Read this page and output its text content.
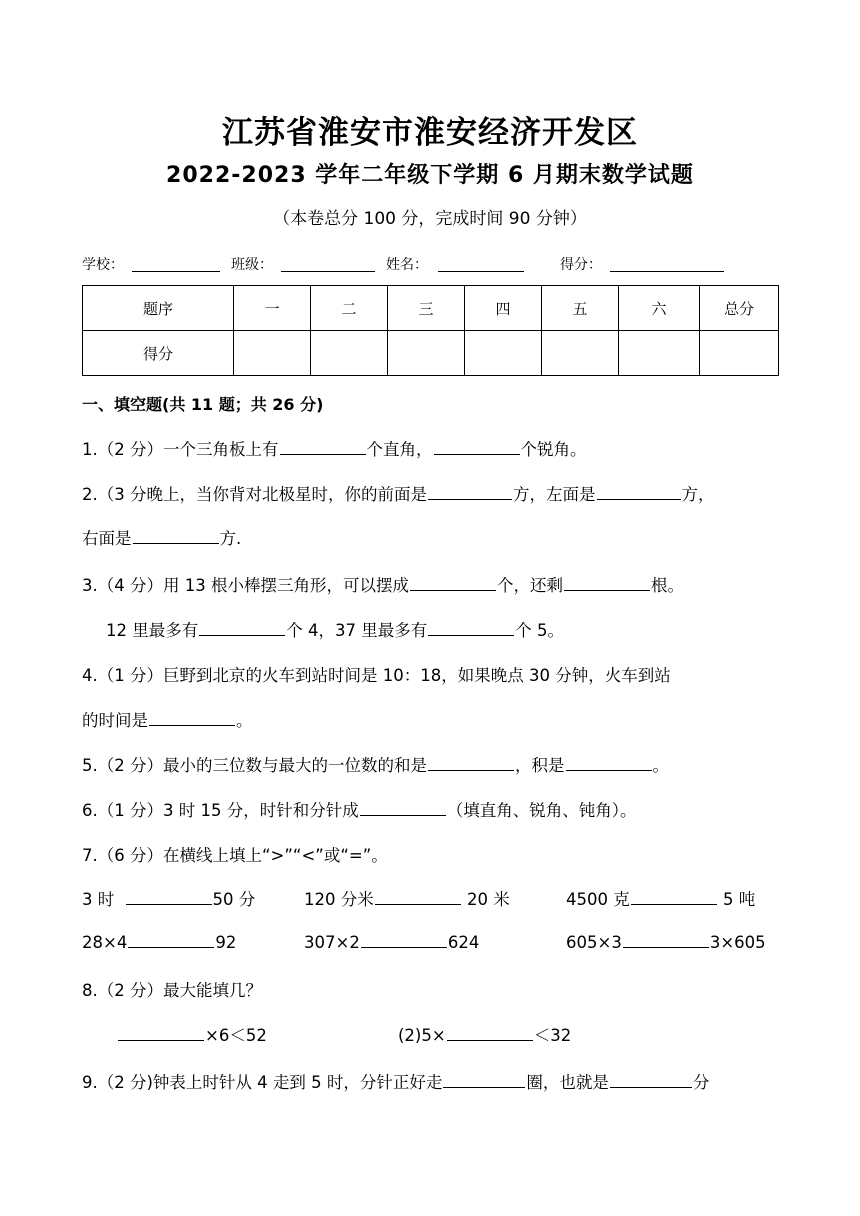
江苏省淮安市淮安经济开发区
2022-2023 学年二年级下学期 6 月期末数学试题
（本卷总分 100 分，完成时间 90 分钟）
学校：	班级：	姓名：	得分：
题序	一	二	三	四	五	六	总分
得分							
一、填空题(共 11 题；共 26 分)
1.（2 分）一个三角板上有	个直角，	个锐角。
2.（3 分晚上，当你背对北极星时，你的前面是	方，左面是	方，
右面是	方.
3.（4 分）用 13 根小棒摆三角形，可以摆成	个，还剩	根。
12 里最多有	个 4，37 里最多有	个 5。
4.（1 分）巨野到北京的火车到站时间是 10：18，如果晚点 30 分钟，火车到站
的时间是	。
5.（2 分）最小的三位数与最大的一位数的和是	，积是	。
6.（1 分）3 时 15 分，时针和分针成	（填直角、锐角、钝角）。
7.（6 分）在横线上填上“>”“<”或“=”。
3 时	50 分	120 分米	20 米	4500 克	5 吨
28×4	92	307×2	624	605×3	3×605
8.（2 分）最大能填几？
×6＜52	(2)5×	＜32
9.（2 分)钟表上时针从 4 走到 5 时，分针正好走	圈，也就是	分
